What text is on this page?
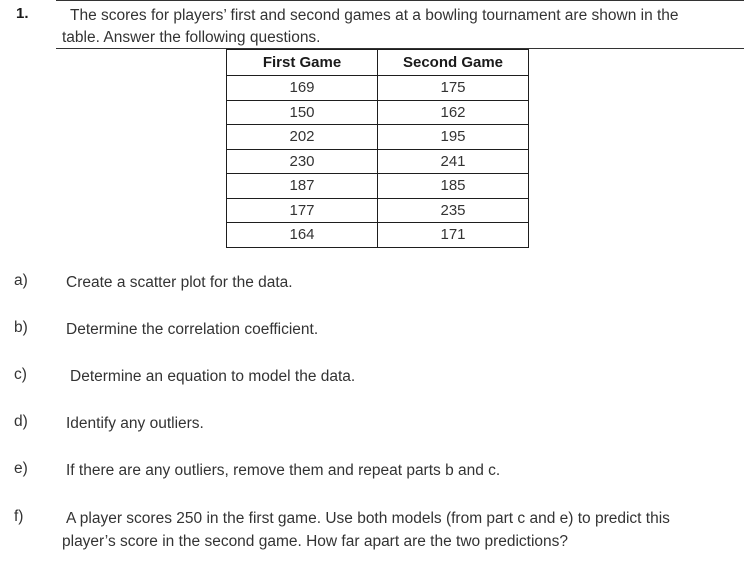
1.	The scores for players’ first and second games at a bowling tournament are shown in the
table. Answer the following questions.
First Game	Second Game
169	175
150	162
202	195
230	241
187	185
177	235
164	171
a) Create a scatter plot for the data.
b) Determine the correlation coefficient.
c)	Determine an equation to model the data.
d) Identify any outliers.
e) If there are any outliers, remove them and repeat parts b and c.
f)	A player scores 250 in the first game. Use both models (from part c and e) to predict this
player’s score in the second game. How far apart are the two predictions?
